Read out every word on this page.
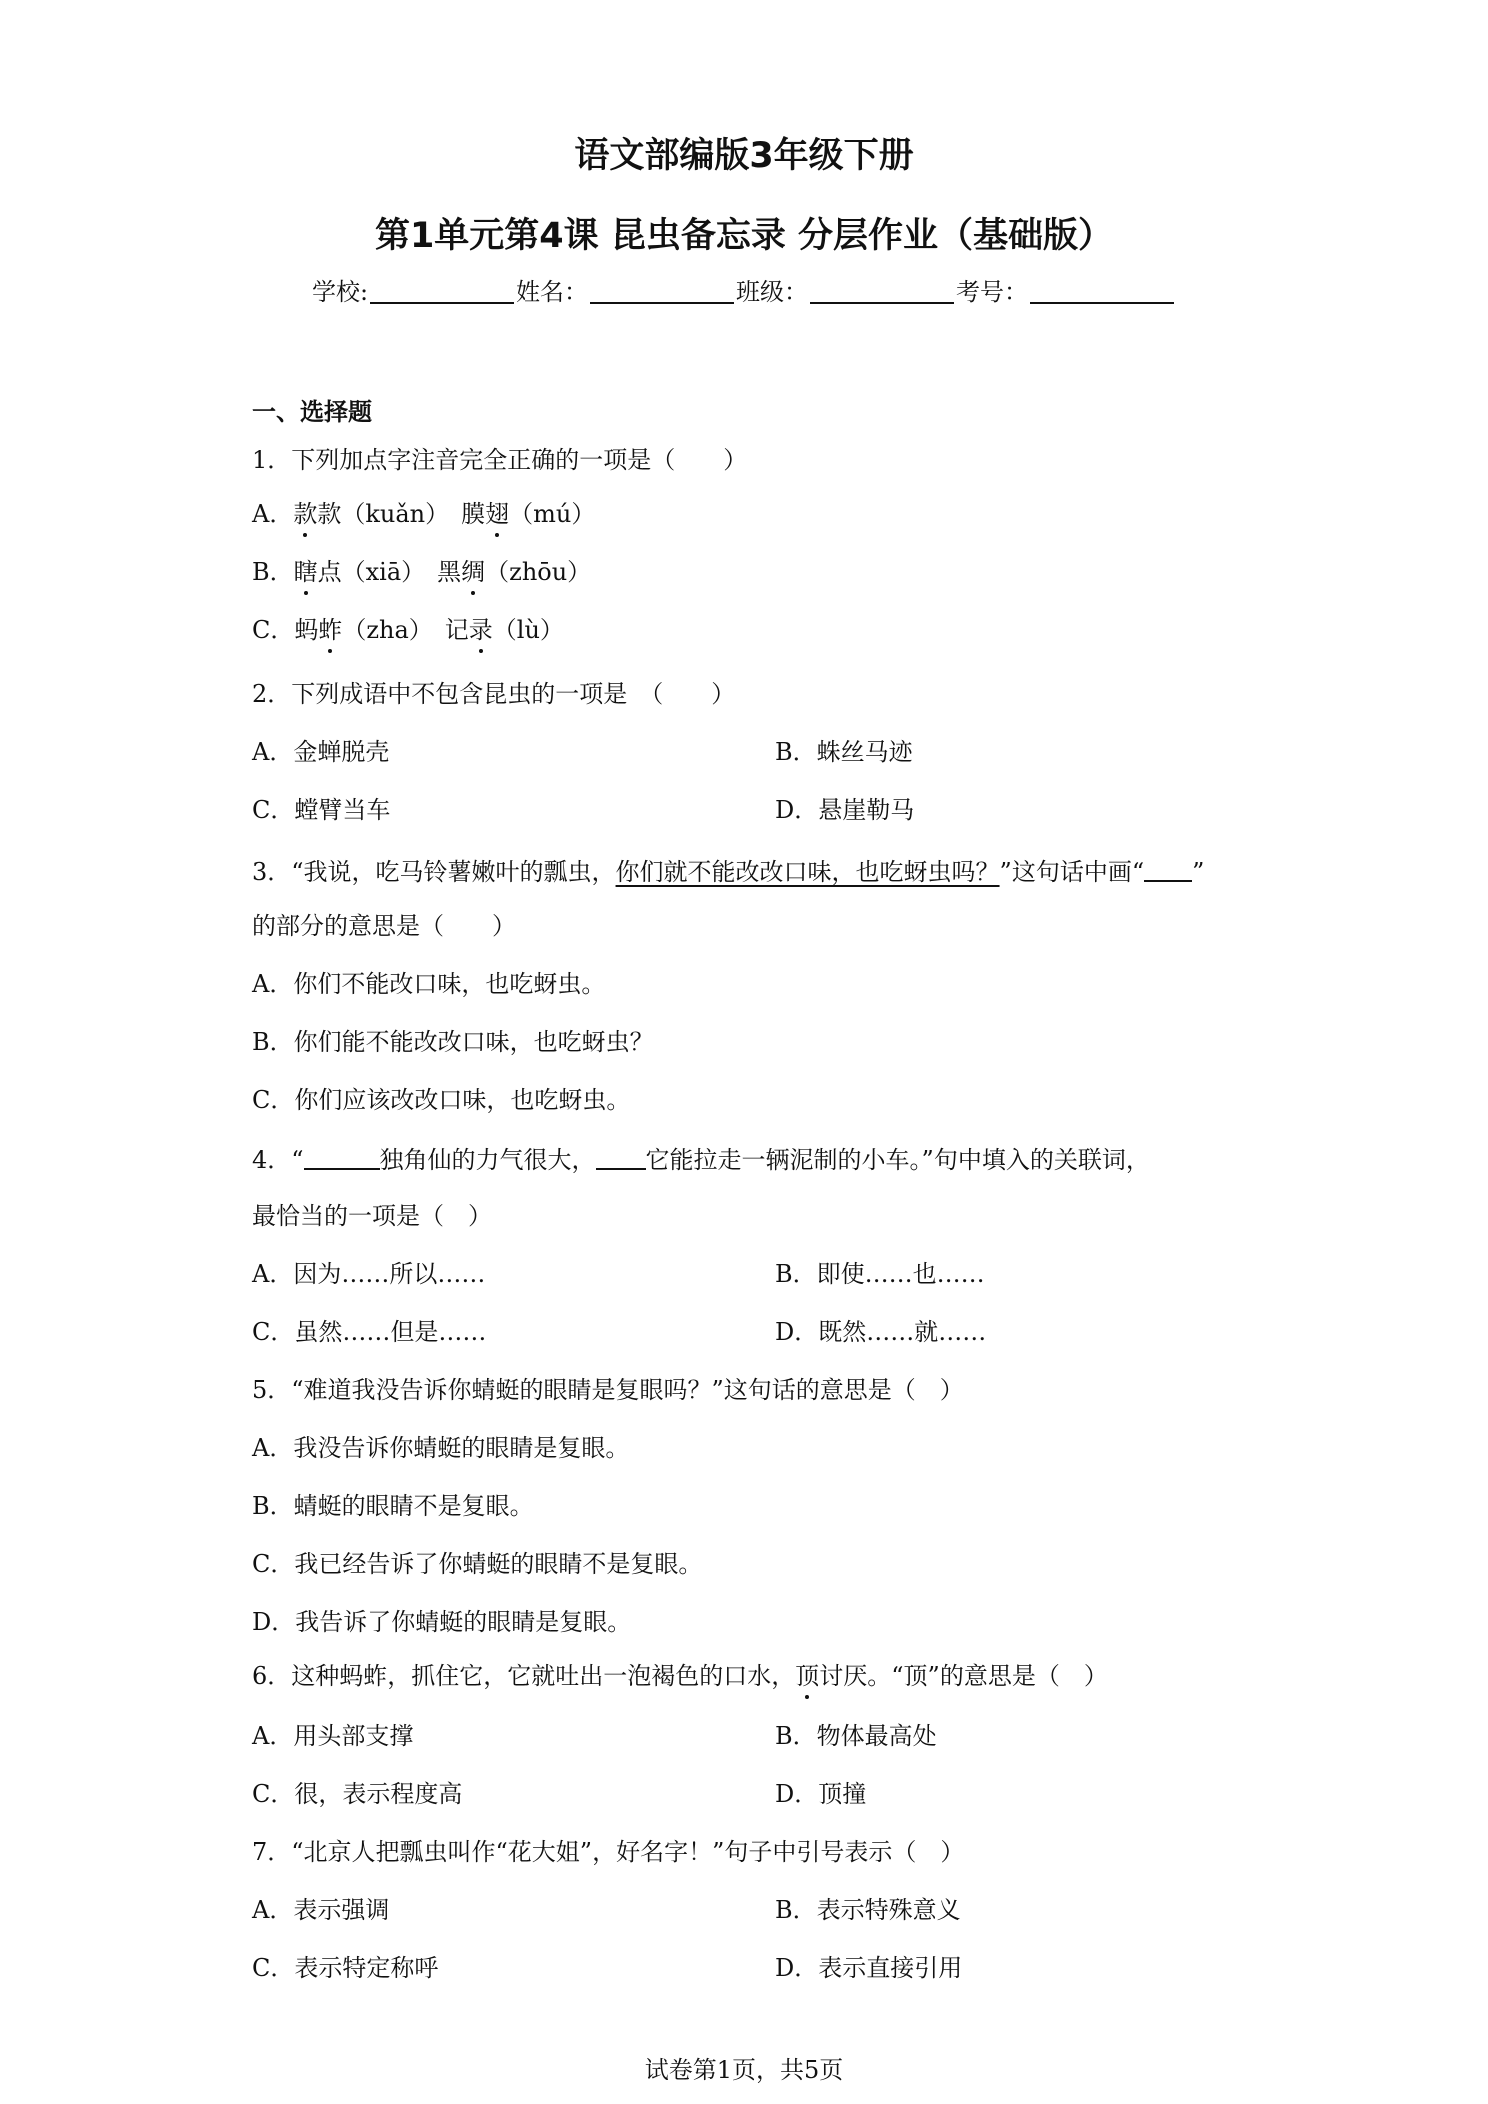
语文部编版3年级下册
第1单元第4课 昆虫备忘录 分层作业（基础版）
学校:	姓名：	班级：	考号：
一、选择题
1．下列加点字注音完全正确的一项是（　　）
A．款款（kuǎn）　膜翅（mú）
B．瞎点（xiā）　黑绸（zhōu）
C．蚂蚱（zha）　记录（lù）
2．下列成语中不包含昆虫的一项是　（　　）
A．金蝉脱壳	B．蛛丝马迹
C．螳臂当车	D．悬崖勒马
3．“我说，吃马铃薯嫩叶的瓢虫，你们就不能改改口味，也吃蚜虫吗？”这句话中画“ ”
的部分的意思是（　　）
A．你们不能改口味，也吃蚜虫。
B．你们能不能改改口味，也吃蚜虫？
C．你们应该改改口味，也吃蚜虫。
4．“	独角仙的力气很大， 它能拉走一辆泥制的小车。”句中填入的关联词，
最恰当的一项是（　）
A．因为……所以……	B．即使……也……
C．虽然……但是……	D．既然……就……
5．“难道我没告诉你蜻蜓的眼睛是复眼吗？”这句话的意思是（　）
A．我没告诉你蜻蜓的眼睛是复眼。
B．蜻蜓的眼睛不是复眼。
C．我已经告诉了你蜻蜓的眼睛不是复眼。
D．我告诉了你蜻蜓的眼睛是复眼。
6．这种蚂蚱，抓住它，它就吐出一泡褐色的口水，顶讨厌。“顶”的意思是（　）
A．用头部支撑	B．物体最高处
C．很，表示程度高	D．顶撞
7．“北京人把瓢虫叫作“花大姐”，好名字！”句子中引号表示（　）
A．表示强调	B．表示特殊意义
C．表示特定称呼	D．表示直接引用
试卷第1页，共5页
